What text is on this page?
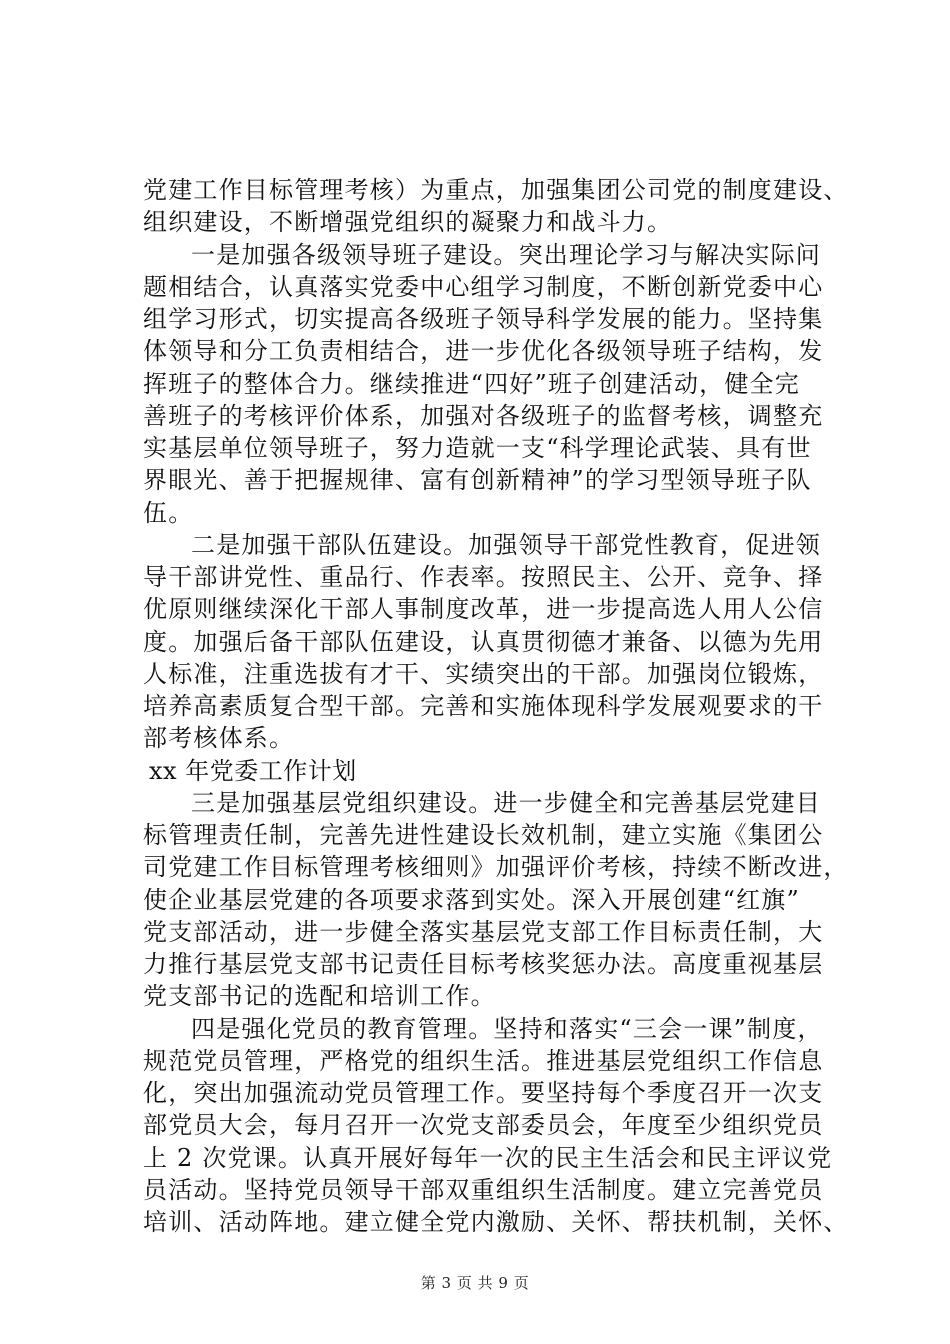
党建工作目标管理考核）为重点，加强集团公司党的制度建设、
组织建设，不断增强党组织的凝聚力和战斗力。
一是加强各级领导班子建设。突出理论学习与解决实际问
题相结合，认真落实党委中心组学习制度，不断创新党委中心
组学习形式，切实提高各级班子领导科学发展的能力。坚持集
体领导和分工负责相结合，进一步优化各级领导班子结构，发
挥班子的整体合力。继续推进“四好”班子创建活动，健全完
善班子的考核评价体系，加强对各级班子的监督考核，调整充
实基层单位领导班子，努力造就一支“科学理论武装、具有世
界眼光、善于把握规律、富有创新精神”的学习型领导班子队
伍。
二是加强干部队伍建设。加强领导干部党性教育，促进领
导干部讲党性、重品行、作表率。按照民主、公开、竞争、择
优原则继续深化干部人事制度改革，进一步提高选人用人公信
度。加强后备干部队伍建设，认真贯彻德才兼备、以德为先用
人标准，注重选拔有才干、实绩突出的干部。加强岗位锻炼，
培养高素质复合型干部。完善和实施体现科学发展观要求的干
部考核体系。
xx 年党委工作计划
三是加强基层党组织建设。进一步健全和完善基层党建目
标管理责任制，完善先进性建设长效机制，建立实施《集团公
司党建工作目标管理考核细则》加强评价考核，持续不断改进，
使企业基层党建的各项要求落到实处。深入开展创建“红旗”
党支部活动，进一步健全落实基层党支部工作目标责任制，大
力推行基层党支部书记责任目标考核奖惩办法。高度重视基层
党支部书记的选配和培训工作。
四是强化党员的教育管理。坚持和落实“三会一课”制度，
规范党员管理，严格党的组织生活。推进基层党组织工作信息
化，突出加强流动党员管理工作。要坚持每个季度召开一次支
部党员大会，每月召开一次党支部委员会，年度至少组织党员
上 2 次党课。认真开展好每年一次的民主生活会和民主评议党
员活动。坚持党员领导干部双重组织生活制度。建立完善党员
培训、活动阵地。建立健全党内激励、关怀、帮扶机制，关怀、
第 3 页 共 9 页
